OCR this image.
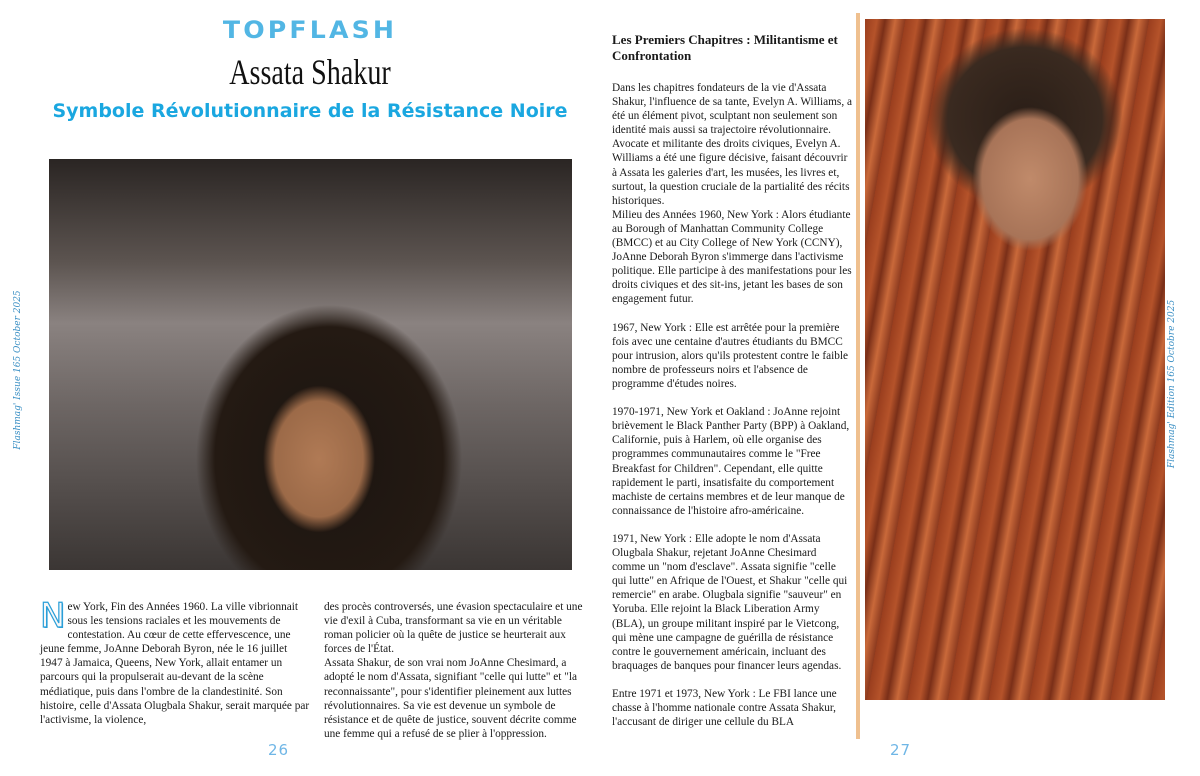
TOPFLASH
Assata Shakur
Symbole Révolutionnaire de la Résistance Noire

Flashmag' Issue 165 October 2025

New York, Fin des Années 1960. La ville vibrionnait sous les tensions raciales et les mouvements de contestation. Au cœur de cette effervescence, une jeune femme, JoAnne Deborah Byron, née le 16 juillet 1947 à Jamaica, Queens, New York, allait entamer un parcours qui la propulserait au-devant de la scène médiatique, puis dans l'ombre de la clandestinité. Son histoire, celle d'Assata Olugbala Shakur, serait marquée par l'activisme, la violence,

des procès controversés, une évasion spectaculaire et une vie d'exil à Cuba, transformant sa vie en un véritable roman policier où la quête de justice se heurterait aux forces de l'État.

Assata Shakur, de son vrai nom JoAnne Chesimard, a adopté le nom d'Assata, signifiant "celle qui lutte" et "la reconnaissante", pour s'identifier pleinement aux luttes révolutionnaires. Sa vie est devenue un symbole de résistance et de quête de justice, souvent décrite comme une femme qui a refusé de se plier à l'oppression.

26

Les Premiers Chapitres : Militantisme et Confrontation

Dans les chapitres fondateurs de la vie d'Assata Shakur, l'influence de sa tante, Evelyn A. Williams, a été un élément pivot, sculptant non seulement son identité mais aussi sa trajectoire révolutionnaire. Avocate et militante des droits civiques, Evelyn A. Williams a été une figure décisive, faisant découvrir à Assata les galeries d'art, les musées, les livres et, surtout, la question cruciale de la partialité des récits historiques.
Milieu des Années 1960, New York : Alors étudiante au Borough of Manhattan Community College (BMCC) et au City College of New York (CCNY), JoAnne Deborah Byron s'immerge dans l'activisme politique. Elle participe à des manifestations pour les droits civiques et des sit-ins, jetant les bases de son engagement futur.

1967, New York : Elle est arrêtée pour la première fois avec une centaine d'autres étudiants du BMCC pour intrusion, alors qu'ils protestent contre le faible nombre de professeurs noirs et l'absence de programme d'études noires.

1970-1971, New York et Oakland : JoAnne rejoint brièvement le Black Panther Party (BPP) à Oakland, Californie, puis à Harlem, où elle organise des programmes communautaires comme le "Free Breakfast for Children". Cependant, elle quitte rapidement le parti, insatisfaite du comportement machiste de certains membres et de leur manque de connaissance de l'histoire afro-américaine.

1971, New York : Elle adopte le nom d'Assata Olugbala Shakur, rejetant JoAnne Chesimard comme un "nom d'esclave". Assata signifie "celle qui lutte" en Afrique de l'Ouest, et Shakur "celle qui remercie" en arabe. Olugbala signifie "sauveur" en Yoruba. Elle rejoint la Black Liberation Army (BLA), un groupe militant inspiré par le Vietcong, qui mène une campagne de guérilla de résistance contre le gouvernement américain, incluant des braquages de banques pour financer leurs agendas.

Entre 1971 et 1973, New York : Le FBI lance une chasse à l'homme nationale contre Assata Shakur, l'accusant de diriger une cellule du BLA

Flashmag' Edition 165 Octobre 2025

27
